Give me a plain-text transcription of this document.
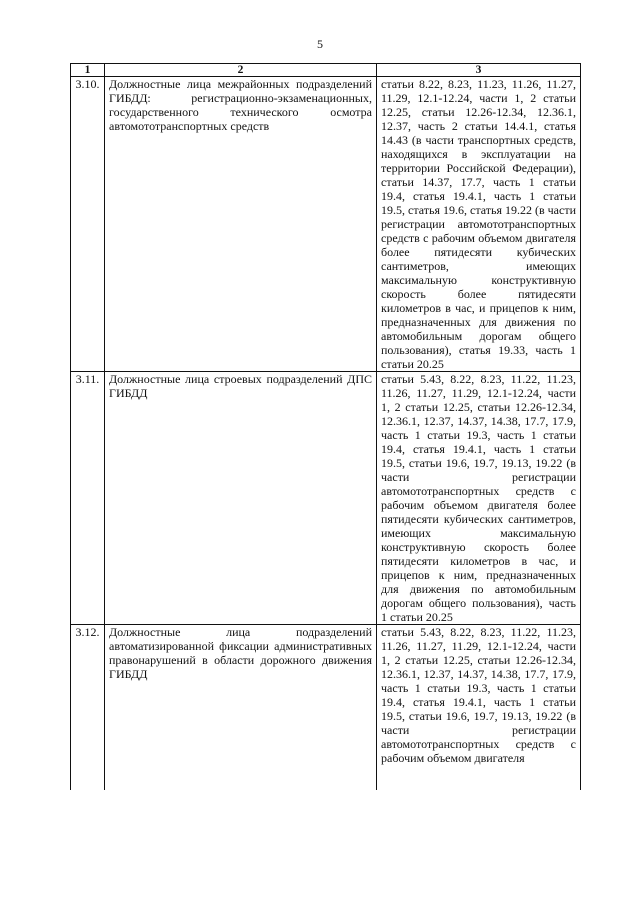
5
1	2	3
3.10.	Должностные лица межрайонных подразделений ГИБДД: регистрационно-экзаменационных, государственного технического осмотра автомототранспортных средств	статьи 8.22, 8.23, 11.23, 11.26, 11.27, 11.29, 12.1-12.24, части 1, 2 статьи 12.25, статьи 12.26-12.34, 12.36.1, 12.37, часть 2 статьи 14.4.1, статья 14.43 (в части транспортных средств, находящихся в эксплуатации на территории Российской Федерации), статьи 14.37, 17.7, часть 1 статьи 19.4, статья 19.4.1, часть 1 статьи 19.5, статья 19.6, статья 19.22 (в части регистрации автомототранспортных средств с рабочим объемом двигателя более пятидесяти кубических сантиметров, имеющих максимальную конструктивную скорость более пятидесяти километров в час, и прицепов к ним, предназначенных для движения по автомобильным дорогам общего пользования), статья 19.33, часть 1 статьи 20.25
3.11.	Должностные лица строевых подразделений ДПС ГИБДД	статьи 5.43, 8.22, 8.23, 11.22, 11.23, 11.26, 11.27, 11.29, 12.1-12.24, части 1, 2 статьи 12.25, статьи 12.26-12.34, 12.36.1, 12.37, 14.37, 14.38, 17.7, 17.9, часть 1 статьи 19.3, часть 1 статьи 19.4, статья 19.4.1, часть 1 статьи 19.5, статьи 19.6, 19.7, 19.13, 19.22 (в части регистрации автомототранспортных средств с рабочим объемом двигателя более пятидесяти кубических сантиметров, имеющих максимальную конструктивную скорость более пятидесяти километров в час, и прицепов к ним, предназначенных для движения по автомобильным дорогам общего пользования), часть 1 статьи 20.25
3.12.	Должностные лица подразделений автоматизированной фиксации административных правонарушений в области дорожного движения ГИБДД	статьи 5.43, 8.22, 8.23, 11.22, 11.23, 11.26, 11.27, 11.29, 12.1-12.24, части 1, 2 статьи 12.25, статьи 12.26-12.34, 12.36.1, 12.37, 14.37, 14.38, 17.7, 17.9, часть 1 статьи 19.3, часть 1 статьи 19.4, статья 19.4.1, часть 1 статьи 19.5, статьи 19.6, 19.7, 19.13, 19.22 (в части регистрации автомототранспортных средств с рабочим объемом двигателя
